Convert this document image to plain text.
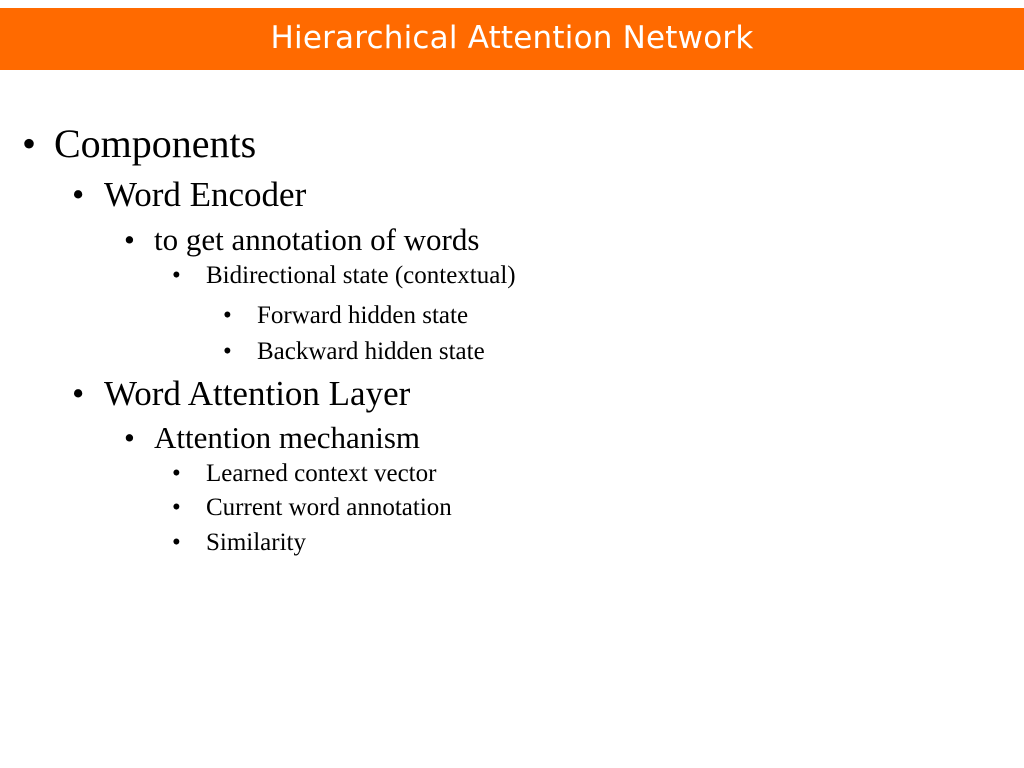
Hierarchical Attention Network
• Components
• Word Encoder
• to get annotation of words
•	Bidirectional state (contextual)
•	Forward hidden state
•	Backward hidden state
• Word Attention Layer
• Attention mechanism
•	Learned context vector
•	Current word annotation
•	Similarity
